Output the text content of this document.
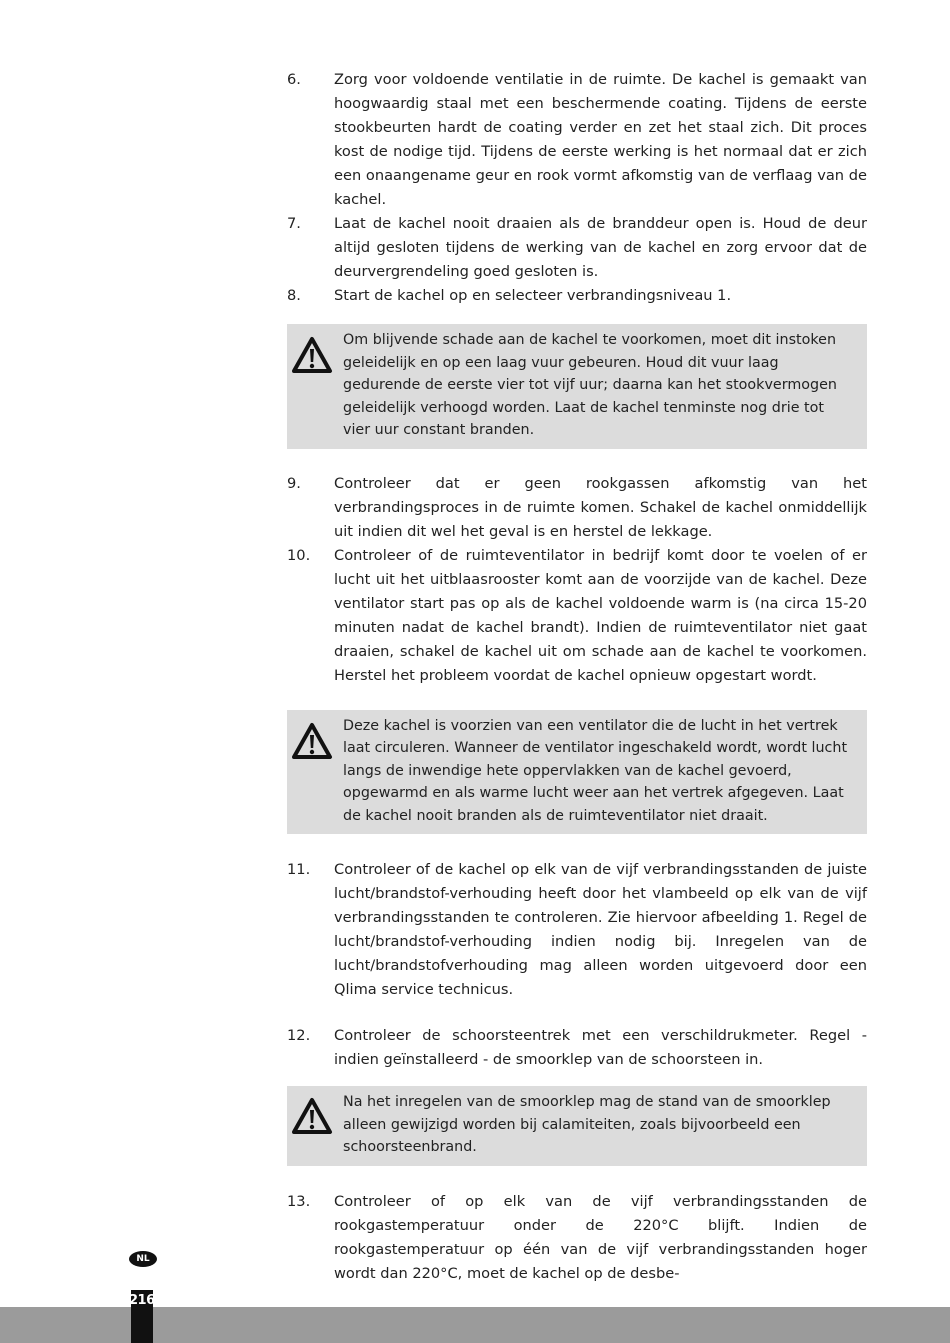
6. Zorg voor voldoende ventilatie in de ruimte. De kachel is gemaakt van hoogwaardig staal met een beschermende coating. Tijdens de eerste stookbeurten hardt de coating verder en zet het staal zich. Dit proces kost de nodige tijd. Tijdens de eerste werking is het normaal dat er zich een onaangename geur en rook vormt afkomstig van de verflaag van de kachel.
7. Laat de kachel nooit draaien als de branddeur open is. Houd de deur altijd gesloten tijdens de werking van de kachel en zorg ervoor dat de deurvergrendeling goed gesloten is.
8. Start de kachel op en selecteer verbrandingsniveau 1.
Om blijvende schade aan de kachel te voorkomen, moet dit instoken geleidelijk en op een laag vuur gebeuren. Houd dit vuur laag gedurende de eerste vier tot vijf uur; daarna kan het stookvermogen geleidelijk verhoogd worden. Laat de kachel tenminste nog drie tot vier uur constant branden.
9. Controleer dat er geen rookgassen afkomstig van het verbrandingsproces in de ruimte komen. Schakel de kachel onmiddellijk uit indien dit wel het geval is en herstel de lekkage.
10. Controleer of de ruimteventilator in bedrijf komt door te voelen of er lucht uit het uitblaasrooster komt aan de voorzijde van de kachel. Deze ventilator start pas op als de kachel voldoende warm is (na circa 15-20 minuten nadat de kachel brandt). Indien de ruimteventilator niet gaat draaien, schakel de kachel uit om schade aan de kachel te voorkomen. Herstel het probleem voordat de kachel opnieuw opgestart wordt.
Deze kachel is voorzien van een ventilator die de lucht in het vertrek laat circuleren. Wanneer de ventilator ingeschakeld wordt, wordt lucht langs de inwendige hete oppervlakken van de kachel gevoerd, opgewarmd en als warme lucht weer aan het vertrek afgegeven. Laat de kachel nooit branden als de ruimteventilator niet draait.
11. Controleer of de kachel op elk van de vijf verbrandingsstanden de juiste lucht/brandstof-verhouding heeft door het vlambeeld op elk van de vijf verbrandingsstanden te controleren. Zie hiervoor afbeelding 1. Regel de lucht/brandstof-verhouding indien nodig bij. Inregelen van de lucht/brandstofverhouding mag alleen worden uitgevoerd door een Qlima service technicus.
12. Controleer de schoorsteentrek met een verschildrukmeter. Regel - indien geïnstalleerd - de smoorklep van de schoorsteen in.
Na het inregelen van de smoorklep mag de stand van de smoorklep alleen gewijzigd worden bij calamiteiten, zoals bijvoorbeeld een schoorsteenbrand.
13. Controleer of op elk van de vijf verbrandingsstanden de rookgastemperatuur onder de 220°C blijft. Indien de rookgastemperatuur op één van de vijf verbrandingsstanden hoger wordt dan 220°C, moet de kachel op de desbe-
NL
216
